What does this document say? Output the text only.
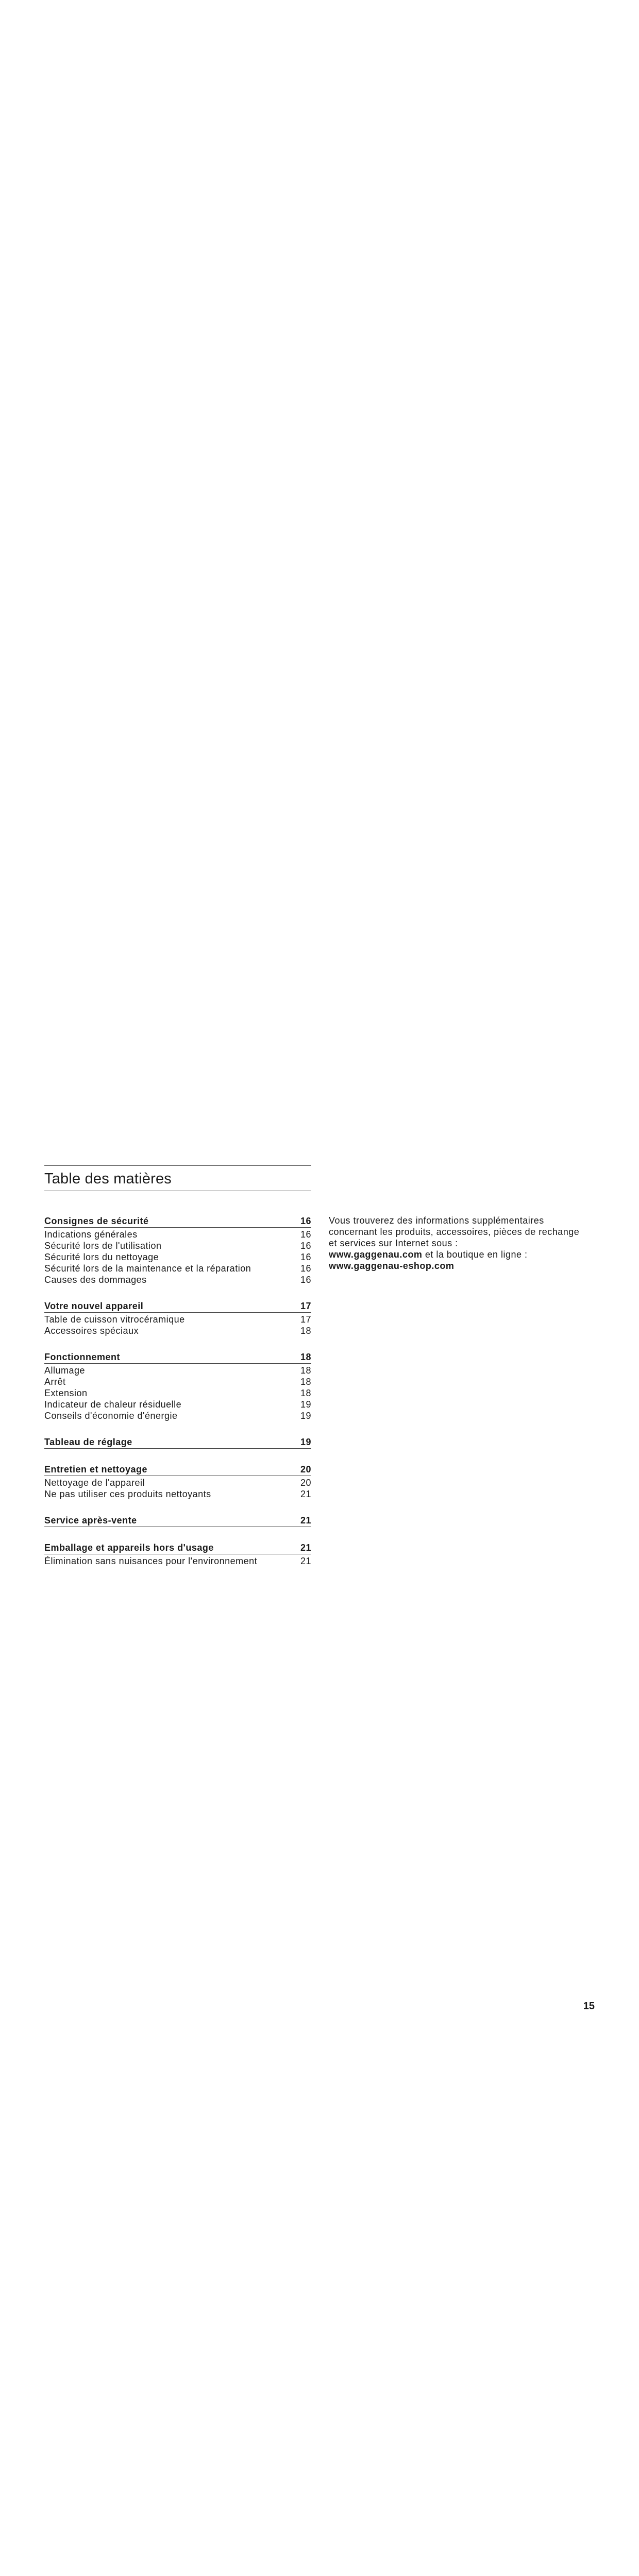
Table des matières
Consignes de sécurité	16
Indications générales	16
Sécurité lors de l'utilisation	16
Sécurité lors du nettoyage	16
Sécurité lors de la maintenance et la réparation	16
Causes des dommages	16
Votre nouvel appareil	17
Table de cuisson vitrocéramique	17
Accessoires spéciaux	18
Fonctionnement	18
Allumage	18
Arrêt	18
Extension	18
Indicateur de chaleur résiduelle	19
Conseils d'économie d'énergie	19
Tableau de réglage	19
Entretien et nettoyage	20
Nettoyage de l'appareil	20
Ne pas utiliser ces produits nettoyants	21
Service après-vente	21
Emballage et appareils hors d'usage	21
Élimination sans nuisances pour l'environnement	21
Vous trouverez des informations supplémentaires concernant les produits, accessoires, pièces de rechange et services sur Internet sous :
www.gaggenau.com et la boutique en ligne :
www.gaggenau-eshop.com
15
